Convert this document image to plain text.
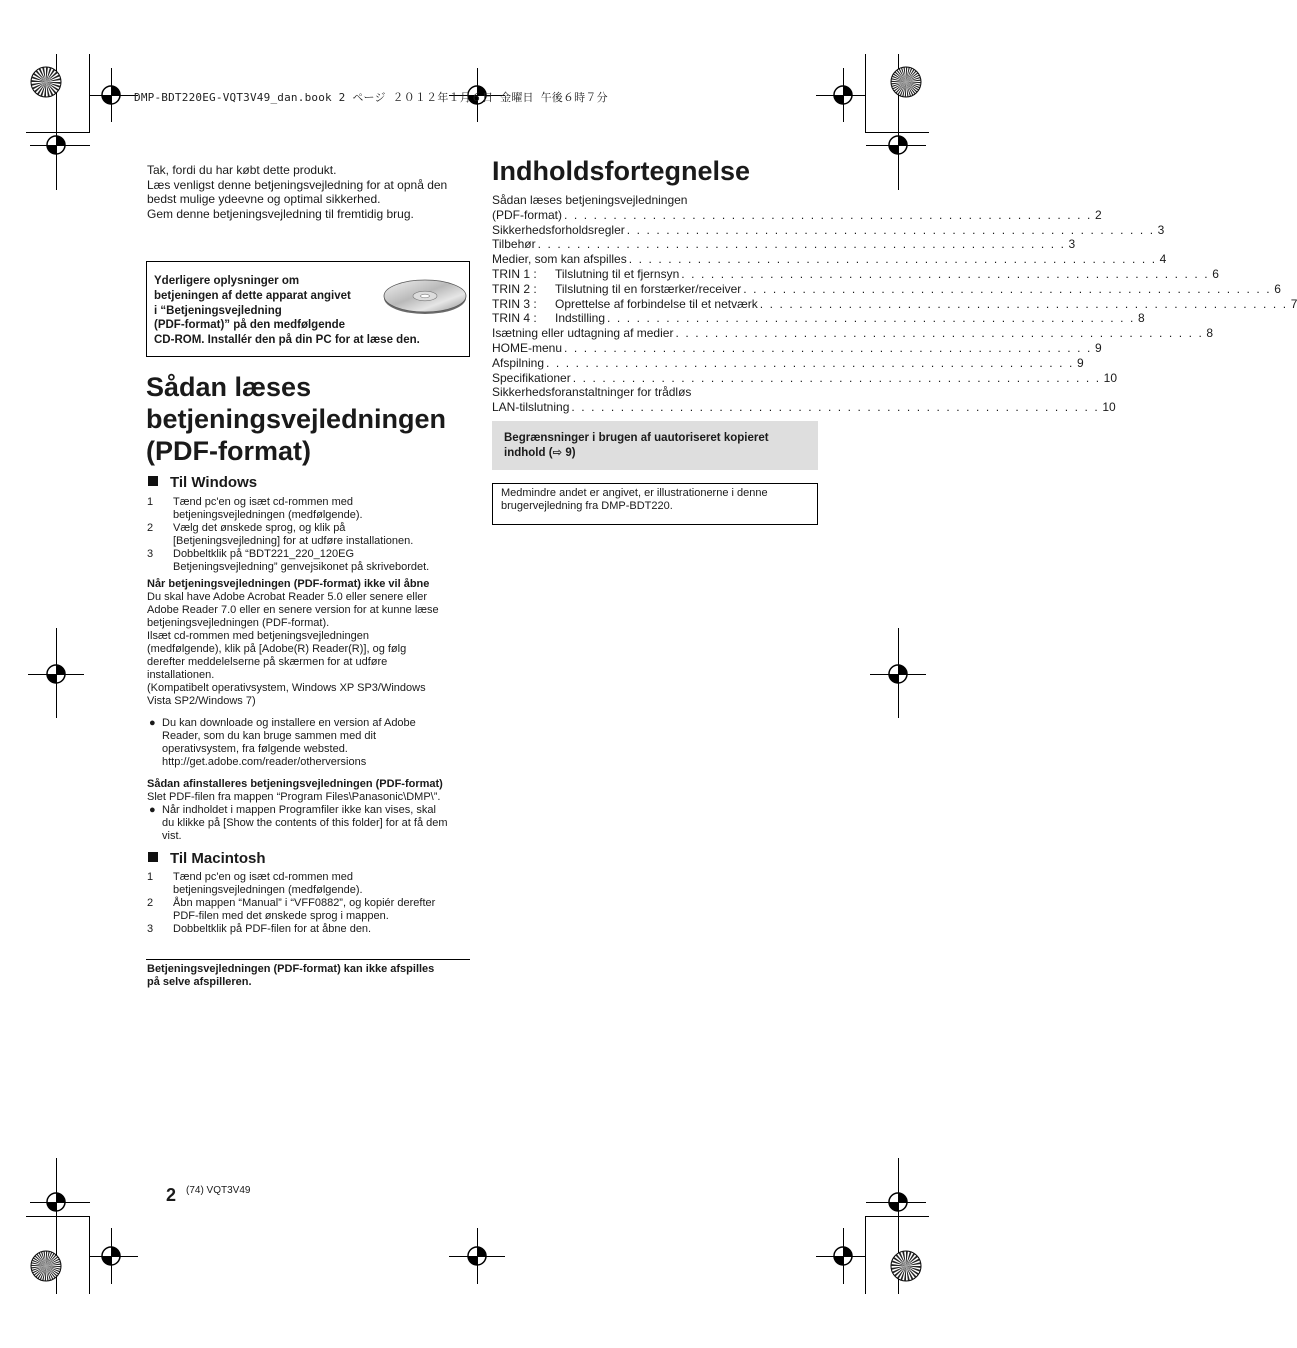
DMP-BDT220EG-VQT3V49_dan.book 2 ページ ２０１２年１月６日 金曜日 午後６時７分
Tak, fordi du har købt dette produkt.
Læs venligst denne betjeningsvejledning for at opnå den
bedst mulige ydeevne og optimal sikkerhed.
Gem denne betjeningsvejledning til fremtidig brug.
Yderligere oplysninger om
betjeningen af dette apparat angivet
i “Betjeningsvejledning
(PDF-format)” på den medfølgende
CD-ROM. Installér den på din PC for at læse den.
Sådan læses
betjeningsvejledningen
(PDF-format)
Til Windows
1 Tænd pc'en og isæt cd-rommen med
betjeningsvejledningen (medfølgende).
2 Vælg det ønskede sprog, og klik på
[Betjeningsvejledning] for at udføre installationen.
3 Dobbeltklik på “BDT221_220_120EG
Betjeningsvejledning” genvejsikonet på skrivebordet.
Når betjeningsvejledningen (PDF-format) ikke vil åbne
Du skal have Adobe Acrobat Reader 5.0 eller senere eller
Adobe Reader 7.0 eller en senere version for at kunne læse
betjeningsvejledningen (PDF-format).
Ilsæt cd-rommen med betjeningsvejledningen
(medfølgende), klik på [Adobe(R) Reader(R)], og følg
derefter meddelelserne på skærmen for at udføre
installationen.
(Kompatibelt operativsystem, Windows XP SP3/Windows
Vista SP2/Windows 7)
● Du kan downloade og installere en version af Adobe
Reader, som du kan bruge sammen med dit
operativsystem, fra følgende websted.
http://get.adobe.com/reader/otherversions
Sådan afinstalleres betjeningsvejledningen (PDF-format)
Slet PDF-filen fra mappen “Program Files\Panasonic\DMP\”.
● Når indholdet i mappen Programfiler ikke kan vises, skal
du klikke på [Show the contents of this folder] for at få dem
vist.
Til Macintosh
1 Tænd pc'en og isæt cd-rommen med
betjeningsvejledningen (medfølgende).
2 Åbn mappen “Manual” i “VFF0882”, og kopiér derefter
PDF-filen med det ønskede sprog i mappen.
3 Dobbeltklik på PDF-filen for at åbne den.
Betjeningsvejledningen (PDF-format) kan ikke afspilles
på selve afspilleren.
Indholdsfortegnelse
Sådan læses betjeningsvejledningen
(PDF-format) . . . . . . . . . . . . . . . . . . . . . . . . . . . . . . . . . . . . . . . . . . . . . . . . . . . . . . 2
Sikkerhedsforholdsregler . . . . . . . . . . . . . . . . . . . . . . . . . . . . . . . . . . . . . . . . . . . . . . . . . . . . . . 3
Tilbehør . . . . . . . . . . . . . . . . . . . . . . . . . . . . . . . . . . . . . . . . . . . . . . . . . . . . . . 3
Medier, som kan afspilles . . . . . . . . . . . . . . . . . . . . . . . . . . . . . . . . . . . . . . . . . . . . . . . . . . . . . . 4
TRIN 1 : Tilslutning til et fjernsyn . . . . . . . . . . . . . . . . . . . . . . . . . . . . . . . . . . . . . . . . . . . . . . . . . . . . . . 6
TRIN 2 : Tilslutning til en forstærker/receiver . . . . . . . . . . . . . . . . . . . . . . . . . . . . . . . . . . . . . . . . . . . . . . . . . . . . . . 6
TRIN 3 : Oprettelse af forbindelse til et netværk . . . . . . . . . . . . . . . . . . . . . . . . . . . . . . . . . . . . . . . . . . . . . . . . . . . . . . 7
TRIN 4 : Indstilling . . . . . . . . . . . . . . . . . . . . . . . . . . . . . . . . . . . . . . . . . . . . . . . . . . . . . . 8
Isætning eller udtagning af medier . . . . . . . . . . . . . . . . . . . . . . . . . . . . . . . . . . . . . . . . . . . . . . . . . . . . . . 8
HOME-menu . . . . . . . . . . . . . . . . . . . . . . . . . . . . . . . . . . . . . . . . . . . . . . . . . . . . . . 9
Afspilning . . . . . . . . . . . . . . . . . . . . . . . . . . . . . . . . . . . . . . . . . . . . . . . . . . . . . . 9
Specifikationer . . . . . . . . . . . . . . . . . . . . . . . . . . . . . . . . . . . . . . . . . . . . . . . . . . . . . . 10
Sikkerhedsforanstaltninger for trådløs
LAN-tilslutning . . . . . . . . . . . . . . . . . . . . . . . . . . . . . . . . . . . . . . . . . . . . . . . . . . . . . . 10
Begrænsninger i brugen af uautoriseret kopieret
indhold (⇨ 9)
Medmindre andet er angivet, er illustrationerne i denne
brugervejledning fra DMP-BDT220.
2 (74) VQT3V49
